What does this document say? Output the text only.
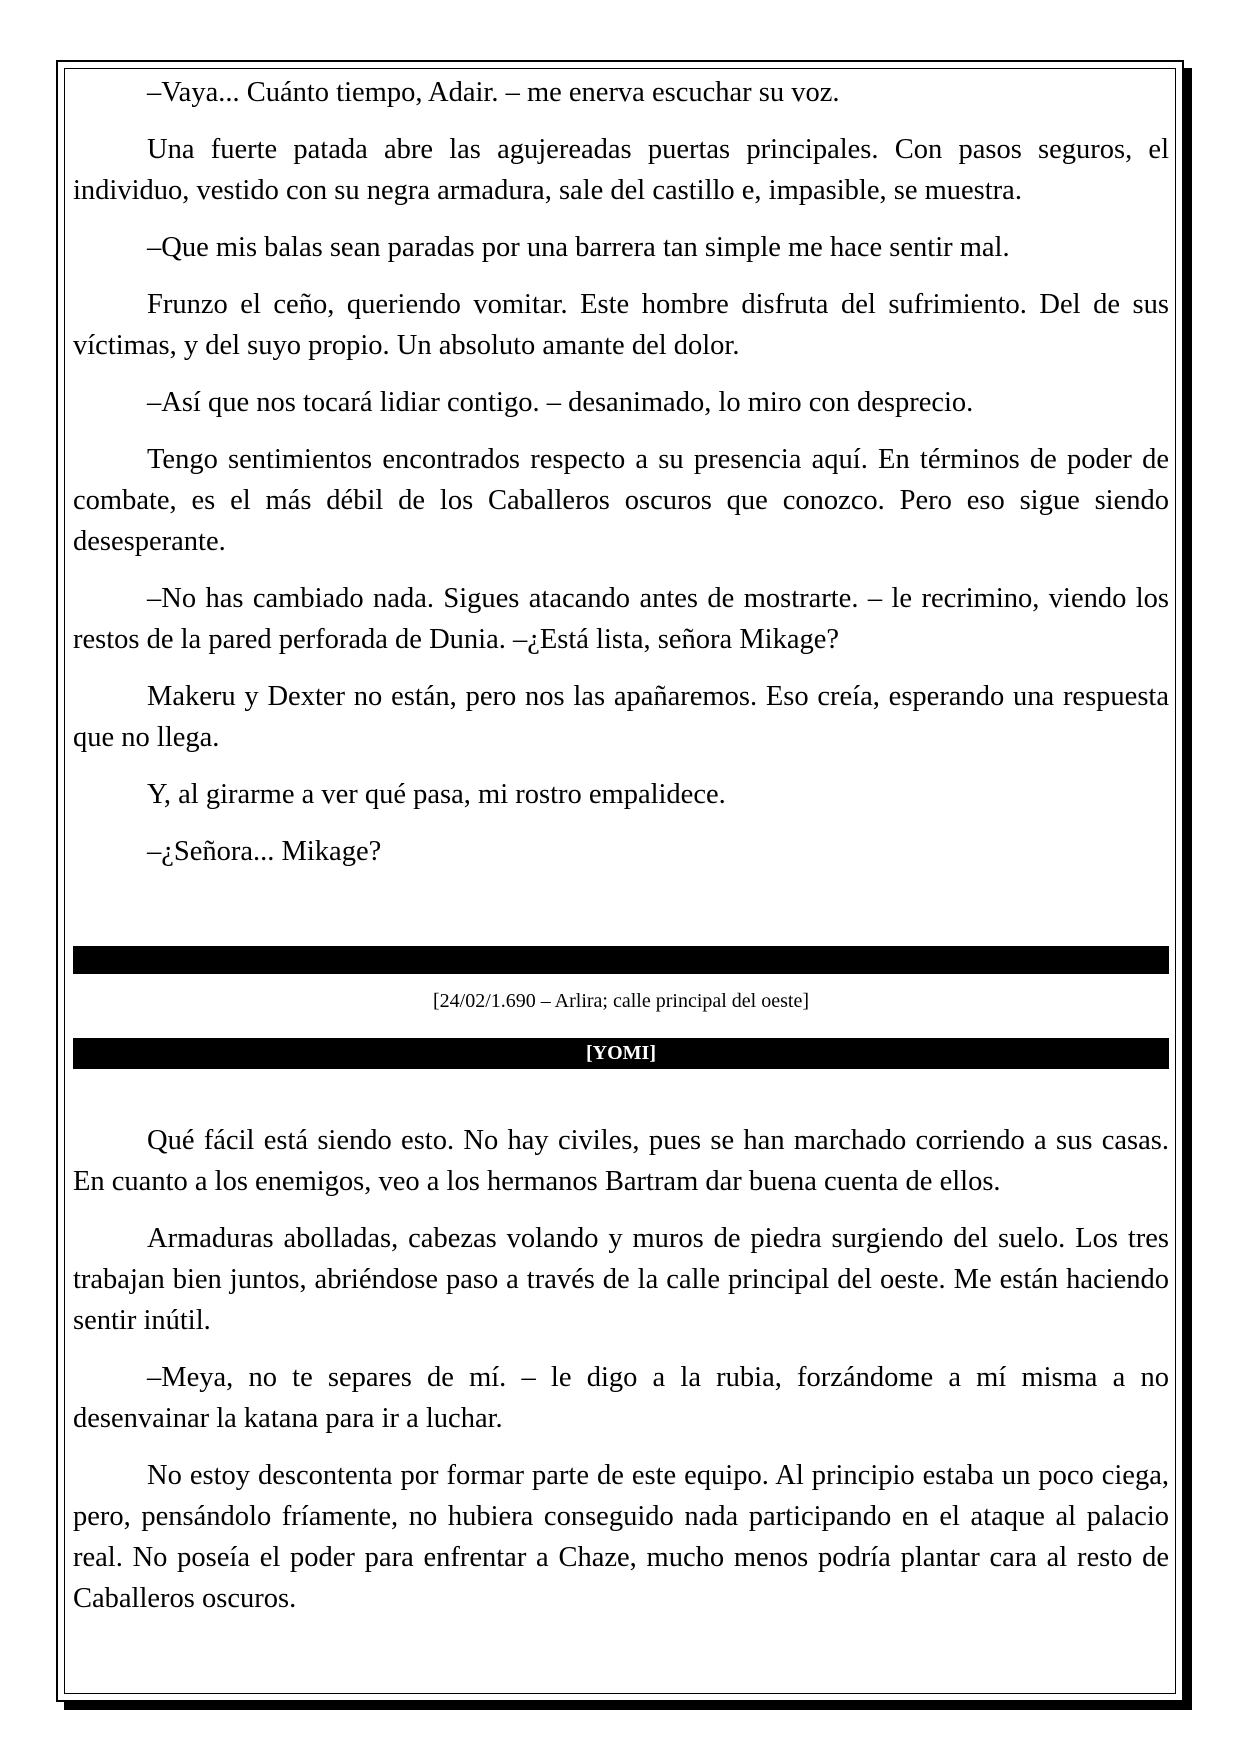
–Vaya... Cuánto tiempo, Adair. – me enerva escuchar su voz.

Una fuerte patada abre las agujereadas puertas principales. Con pasos seguros, el individuo, vestido con su negra armadura, sale del castillo e, impasible, se muestra.

–Que mis balas sean paradas por una barrera tan simple me hace sentir mal.

Frunzo el ceño, queriendo vomitar. Este hombre disfruta del sufrimiento. Del de sus víctimas, y del suyo propio. Un absoluto amante del dolor.

–Así que nos tocará lidiar contigo. – desanimado, lo miro con desprecio.

Tengo sentimientos encontrados respecto a su presencia aquí. En términos de poder de combate, es el más débil de los Caballeros oscuros que conozco. Pero eso sigue siendo desesperante.

–No has cambiado nada. Sigues atacando antes de mostrarte. – le recrimino, viendo los restos de la pared perforada de Dunia. –¿Está lista, señora Mikage?

Makeru y Dexter no están, pero nos las apañaremos. Eso creía, esperando una respuesta que no llega.

Y, al girarme a ver qué pasa, mi rostro empalidece.

–¿Señora... Mikage?

[24/02/1.690 – Arlira; calle principal del oeste]
[YOMI]

Qué fácil está siendo esto. No hay civiles, pues se han marchado corriendo a sus casas. En cuanto a los enemigos, veo a los hermanos Bartram dar buena cuenta de ellos.

Armaduras abolladas, cabezas volando y muros de piedra surgiendo del suelo. Los tres trabajan bien juntos, abriéndose paso a través de la calle principal del oeste. Me están haciendo sentir inútil.

–Meya, no te separes de mí. – le digo a la rubia, forzándome a mí misma a no desenvainar la katana para ir a luchar.

No estoy descontenta por formar parte de este equipo. Al principio estaba un poco ciega, pero, pensándolo fríamente, no hubiera conseguido nada participando en el ataque al palacio real. No poseía el poder para enfrentar a Chaze, mucho menos podría plantar cara al resto de Caballeros oscuros.
